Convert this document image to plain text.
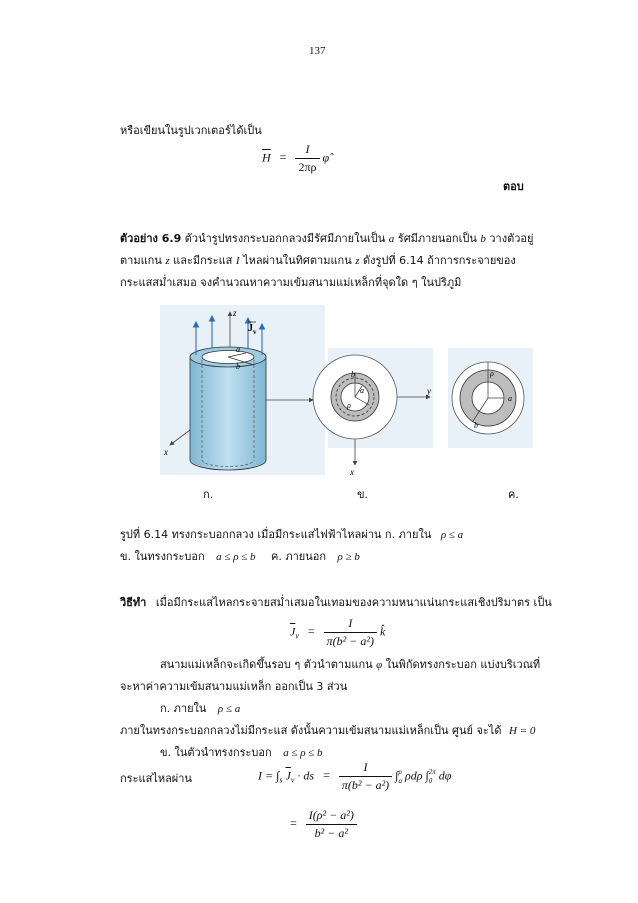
137
หรือเขียนในรูปเวกเตอร์ได้เป็น
$\overline{H} = \frac{I}{2\pi\rho}$ φ̂
ตอบ
ตัวอย่าง 6.9 ตัวนำรูปทรงกระบอกกลวงมีรัศมีภายในเป็น a รัศมีภายนอกเป็น b วางตัวอยู่
ตามแกน z และมีกระแส I ไหลผ่านในทิศตามแกน z ดังรูปที่ 6.14 ถ้าการกระจายของ
กระแสสม่ำเสมอ จงคำนวณหาความเข้มสนามแม่เหล็กที่จุดใด ๆ ในปริภูมิ
z
x
a
b
$J_v$
y
x
b
a
ρ
ρ
a
b
ก.	ข.	ค.
รูปที่ 6.14 ทรงกระบอกกลวง เมื่อมีกระแสไฟฟ้าไหลผ่าน ก. ภายใน ρ ≤ a
ข. ในทรงกระบอก a ≤ ρ ≤ b ค. ภายนอก ρ ≥ b
วิธีทำ เมื่อมีกระแสไหลกระจายสม่ำเสมอในเทอมของความหนาแน่นกระแสเชิงปริมาตร เป็น
$\overline{J}_v = \frac{I}{\text{π(b² − a²)}}$ k̂
สนามแม่เหล็กจะเกิดขึ้นรอบ ๆ ตัวนำตามแกน φ ในพิกัดทรงกระบอก แบ่งบริเวณที่
จะหาค่าความเข้มสนามแม่เหล็ก ออกเป็น 3 ส่วน
ก. ภายใน ρ ≤ a
ภายในทรงกระบอกกลวงไม่มีกระแส ดังนั้นความเข้มสนามแม่เหล็กเป็น ศูนย์ จะได้ H = 0
ข. ในตัวนำทรงกระบอก a ≤ ρ ≤ b
กระแสไหลผ่าน	$I = \int_s$ $\overline{J}_v$ · ds = $\frac{I}{\text{π(b² − a²)}}$ ∫ ρ
a ρdρ ∫ 2π
0 dφ
= $\frac{\text{I(ρ² − a²)}}{\text{b² − a²}}$
